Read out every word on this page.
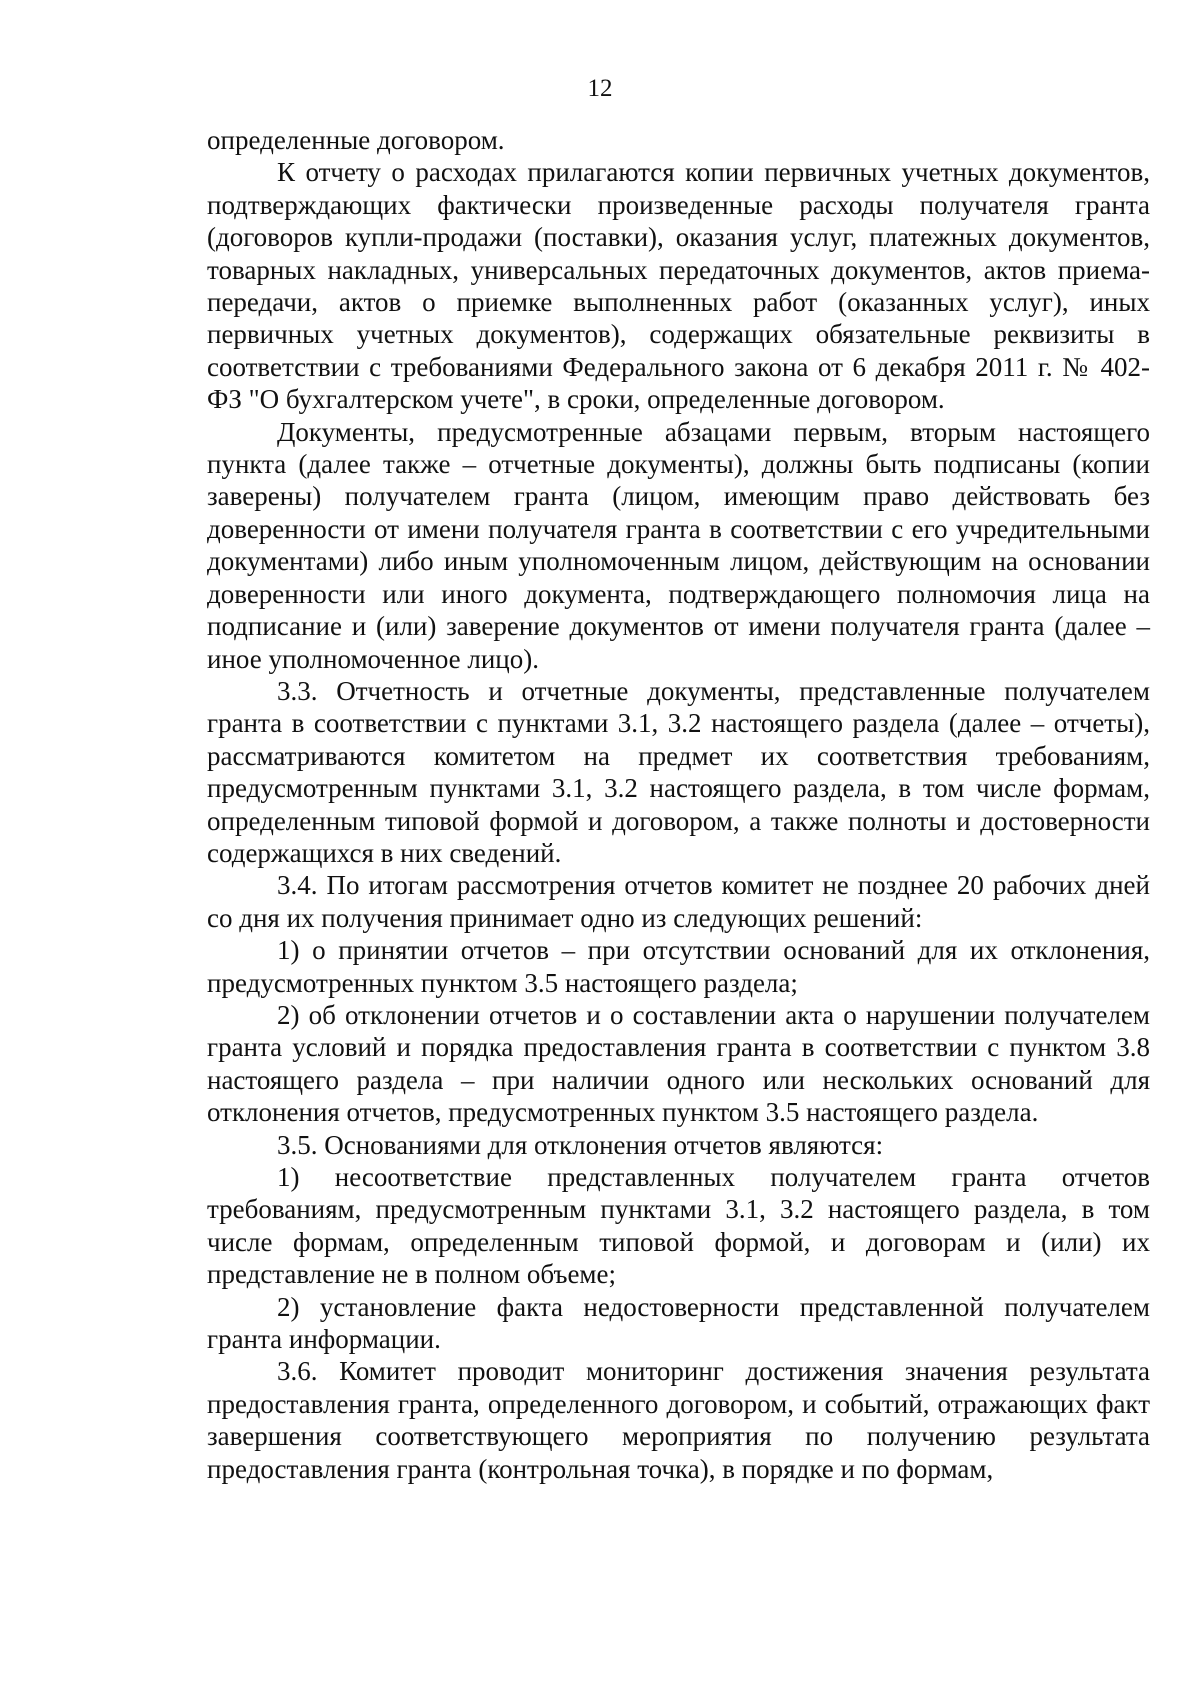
12

определенные договором.

К отчету о расходах прилагаются копии первичных учетных документов, подтверждающих фактически произведенные расходы получателя гранта (договоров купли-продажи (поставки), оказания услуг, платежных документов, товарных накладных, универсальных передаточных документов, актов приема-передачи, актов о приемке выполненных работ (оказанных услуг), иных первичных учетных документов), содержащих обязательные реквизиты в соответствии с требованиями Федерального закона от 6 декабря 2011 г. № 402-ФЗ "О бухгалтерском учете", в сроки, определенные договором.

Документы, предусмотренные абзацами первым, вторым настоящего пункта (далее также – отчетные документы), должны быть подписаны (копии заверены) получателем гранта (лицом, имеющим право действовать без доверенности от имени получателя гранта в соответствии с его учредительными документами) либо иным уполномоченным лицом, действующим на основании доверенности или иного документа, подтверждающего полномочия лица на подписание и (или) заверение документов от имени получателя гранта (далее – иное уполномоченное лицо).

3.3. Отчетность и отчетные документы, представленные получателем гранта в соответствии с пунктами 3.1, 3.2 настоящего раздела (далее – отчеты), рассматриваются комитетом на предмет их соответствия требованиям, предусмотренным пунктами 3.1, 3.2 настоящего раздела, в том числе формам, определенным типовой формой и договором, а также полноты и достоверности содержащихся в них сведений.

3.4. По итогам рассмотрения отчетов комитет не позднее 20 рабочих дней со дня их получения принимает одно из следующих решений:

1) о принятии отчетов – при отсутствии оснований для их отклонения, предусмотренных пунктом 3.5 настоящего раздела;

2) об отклонении отчетов и о составлении акта о нарушении получателем гранта условий и порядка предоставления гранта в соответствии с пунктом 3.8 настоящего раздела – при наличии одного или нескольких оснований для отклонения отчетов, предусмотренных пунктом 3.5 настоящего раздела.

3.5. Основаниями для отклонения отчетов являются:

1) несоответствие представленных получателем гранта отчетов требованиям, предусмотренным пунктами 3.1, 3.2 настоящего раздела, в том числе формам, определенным типовой формой, и договорам и (или) их представление не в полном объеме;

2) установление факта недостоверности представленной получателем гранта информации.

3.6. Комитет проводит мониторинг достижения значения результата предоставления гранта, определенного договором, и событий, отражающих факт завершения соответствующего мероприятия по получению результата предоставления гранта (контрольная точка), в порядке и по формам,
